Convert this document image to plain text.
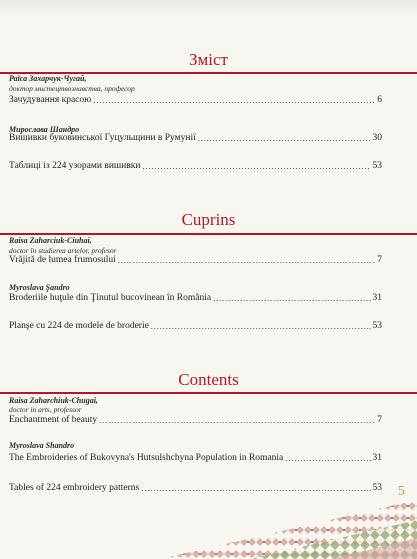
Зміст
Раїса Захарчук-Чугай,
доктор мистецтвознавства, професор
Зачудування красою .....	6
Мирослава Шандро
Вишивки буковинської Гуцульщини в Румунії .....	30
Таблиці із 224 узорами вишивки .....	53
Cuprins
Raisa Zaharciuk-Ciuhai,
doctor în studierea artelor, profesor
Vrăjită de lumea frumosului .....	7
Myroslava Şandro
Broderiile huţule din Ţinutul bucovinean în România .....	31
Planşe cu 224 de modele de broderie .....	53
Contents
Raisa Zaharchiuk-Chugai,
doctor in arts, professor
Enchantment of beauty .....	7
Myroslava Shandro
The Embroideries of Bukovyna's Hutsulshchyna Population in Romania .....	31
Tables of 224 embroidery patterns .....	53 5
